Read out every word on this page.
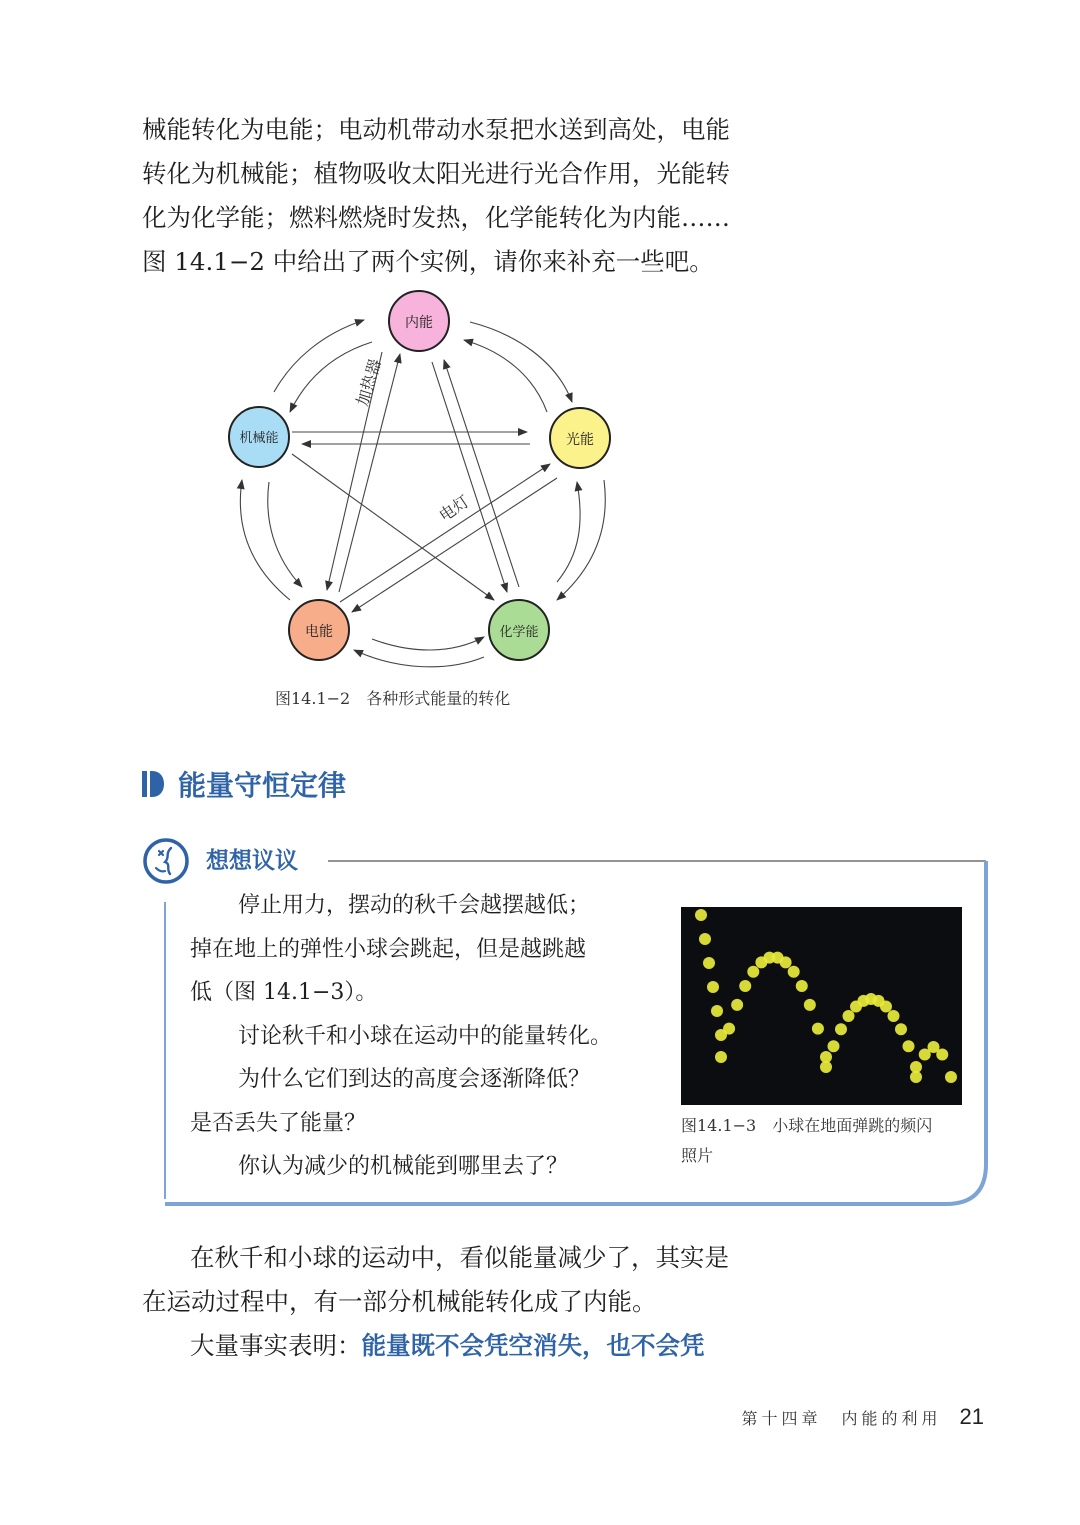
械能转化为电能；电动机带动水泵把水送到高处，电能

转化为机械能；植物吸收太阳光进行光合作用，光能转

化为化学能；燃料燃烧时发热，化学能转化为内能……

图 14.1−2 中给出了两个实例，请你来补充一些吧。

内能
光能
化学能
电能
机械能
加热器
电灯
图14.1−2　各种形式能量的转化
能量守恒定律
想想议议

停止用力，摆动的秋千会越摆越低；

掉在地上的弹性小球会跳起，但是越跳越

低（图 14.1−3）。

讨论秋千和小球在运动中的能量转化。

为什么它们到达的高度会逐渐降低？

是否丢失了能量？

你认为减少的机械能到哪里去了？

图14.1−3　小球在地面弹跳的频闪
照片

在秋千和小球的运动中，看似能量减少了，其实是

在运动过程中，有一部分机械能转化成了内能。

大量事实表明：能量既不会凭空消失，也不会凭

第十四章　内能的利用 21
